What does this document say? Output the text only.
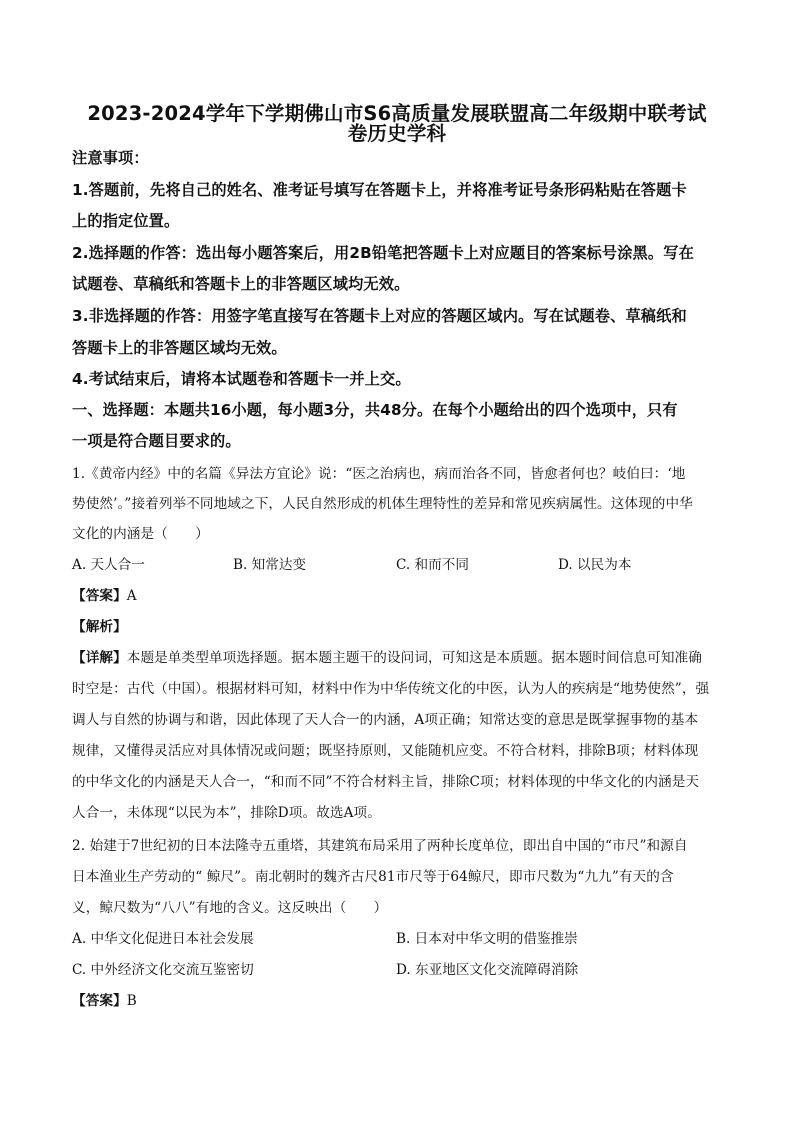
2023-2024学年下学期佛山市S6高质量发展联盟高二年级期中联考试
卷历史学科
注意事项：
1.答题前，先将自己的姓名、准考证号填写在答题卡上，并将准考证号条形码粘贴在答题卡
上的指定位置。
2.选择题的作答：选出每小题答案后，用2B铅笔把答题卡上对应题目的答案标号涂黑。写在
试题卷、草稿纸和答题卡上的非答题区域均无效。
3.非选择题的作答：用签字笔直接写在答题卡上对应的答题区域内。写在试题卷、草稿纸和
答题卡上的非答题区域均无效。
4.考试结束后，请将本试题卷和答题卡一并上交。
一、选择题：本题共16小题，每小题3分，共48分。在每个小题给出的四个选项中，只有
一项是符合题目要求的。
1.《黄帝内经》中的名篇《异法方宜论》说：“医之治病也，病而治各不同，皆愈者何也？岐伯曰：‘地
势使然’。”接着列举不同地域之下，人民自然形成的机体生理特性的差异和常见疾病属性。这体现的中华
文化的内涵是（　　）
A. 天人合一	B. 知常达变	C. 和而不同	D. 以民为本
【答案】A
【解析】
【详解】本题是单类型单项选择题。据本题主题干的设问词，可知这是本质题。据本题时间信息可知准确
时空是：古代（中国）。根据材料可知，材料中作为中华传统文化的中医，认为人的疾病是“地势使然”，强
调人与自然的协调与和谐，因此体现了天人合一的内涵，A项正确；知常达变的意思是既掌握事物的基本
规律，又懂得灵活应对具体情况或问题；既坚持原则，又能随机应变。不符合材料，排除B项；材料体现
的中华文化的内涵是天人合一，“和而不同”不符合材料主旨，排除C项；材料体现的中华文化的内涵是天
人合一，未体现“以民为本”，排除D项。故选A项。
2. 始建于7世纪初的日本法隆寺五重塔，其建筑布局采用了两种长度单位，即出自中国的“市尺”和源自
日本渔业生产劳动的“ 鲸尺”。南北朝时的魏齐古尺81市尺等于64鲸尺，即市尺数为“九九”有天的含
义，鲸尺数为“八八”有地的含义。这反映出（　　）
A. 中华文化促进日本社会发展	B. 日本对中华文明的借鉴推崇
C. 中外经济文化交流互鉴密切	D. 东亚地区文化交流障碍消除
【答案】B
